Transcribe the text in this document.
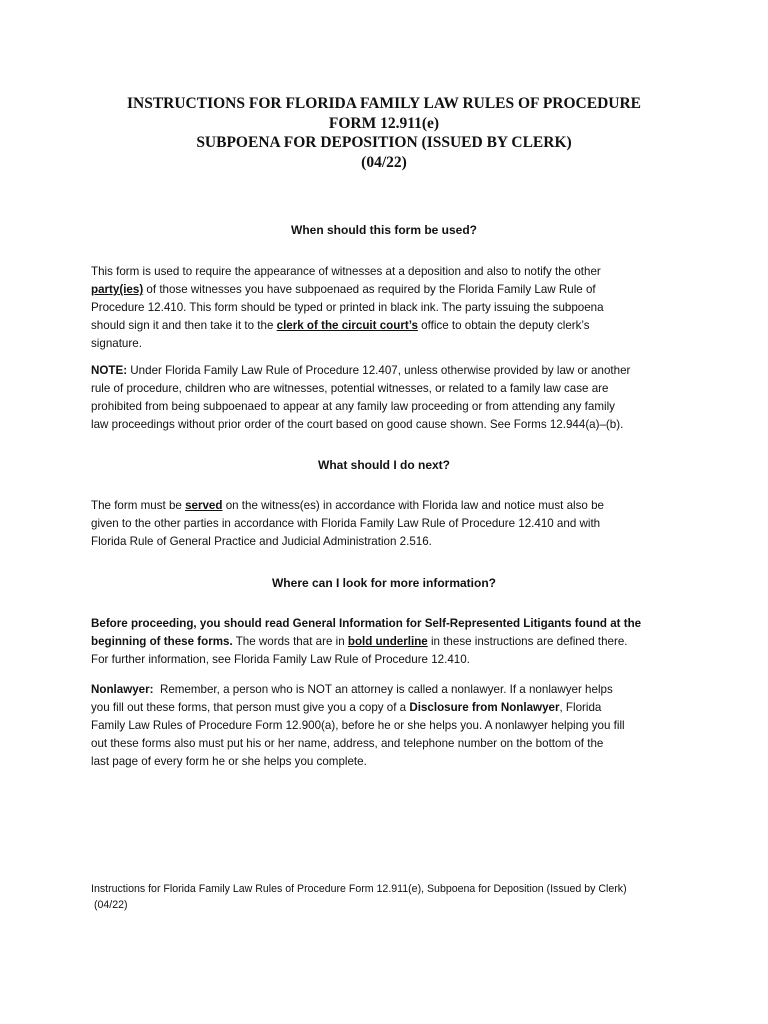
INSTRUCTIONS FOR FLORIDA FAMILY LAW RULES OF PROCEDURE
FORM 12.911(e)
SUBPOENA FOR DEPOSITION (ISSUED BY CLERK)
(04/22)
When should this form be used?
This form is used to require the appearance of witnesses at a deposition and also to notify the other
party(ies) of those witnesses you have subpoenaed as required by the Florida Family Law Rule of
Procedure 12.410. This form should be typed or printed in black ink. The party issuing the subpoena
should sign it and then take it to the clerk of the circuit court’s office to obtain the deputy clerk’s
signature.
NOTE: Under Florida Family Law Rule of Procedure 12.407, unless otherwise provided by law or another
rule of procedure, children who are witnesses, potential witnesses, or related to a family law case are
prohibited from being subpoenaed to appear at any family law proceeding or from attending any family
law proceedings without prior order of the court based on good cause shown. See Forms 12.944(a)–(b).
What should I do next?
The form must be served on the witness(es) in accordance with Florida law and notice must also be
given to the other parties in accordance with Florida Family Law Rule of Procedure 12.410 and with
Florida Rule of General Practice and Judicial Administration 2.516.
Where can I look for more information?
Before proceeding, you should read General Information for Self-Represented Litigants found at the
beginning of these forms. The words that are in bold underline in these instructions are defined there.
For further information, see Florida Family Law Rule of Procedure 12.410.
Nonlawyer:  Remember, a person who is NOT an attorney is called a nonlawyer. If a nonlawyer helps
you fill out these forms, that person must give you a copy of a Disclosure from Nonlawyer, Florida
Family Law Rules of Procedure Form 12.900(a), before he or she helps you. A nonlawyer helping you fill
out these forms also must put his or her name, address, and telephone number on the bottom of the
last page of every form he or she helps you complete.
Instructions for Florida Family Law Rules of Procedure Form 12.911(e), Subpoena for Deposition (Issued by Clerk)
(04/22)
